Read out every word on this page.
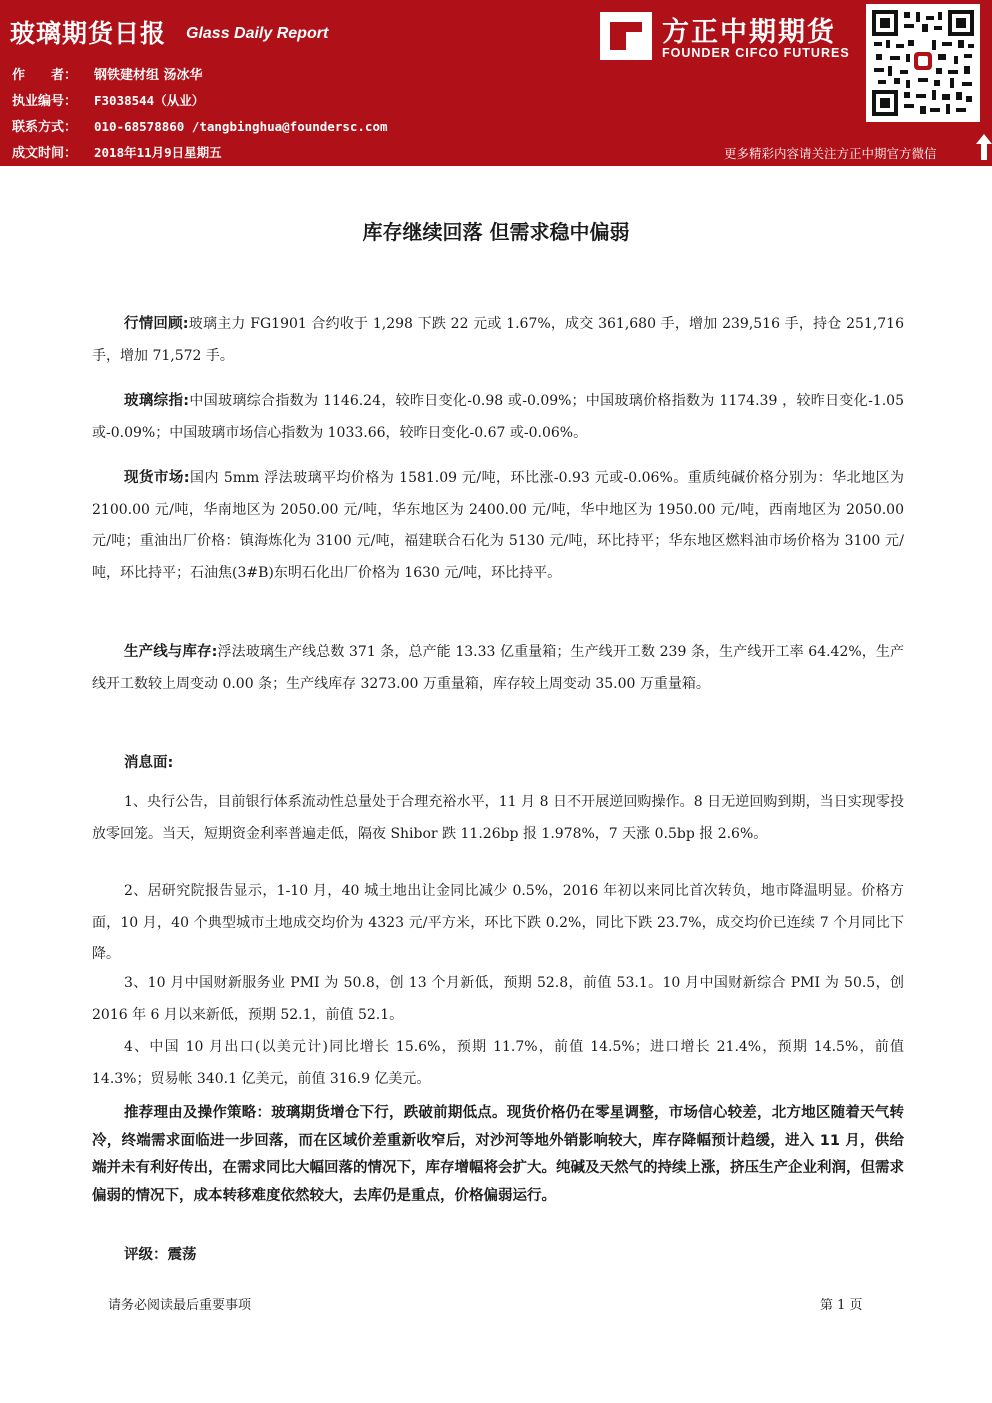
玻璃期货日报 Glass Daily Report
作　　者： 钢铁建材组 汤冰华
执业编号： F3038544（从业）
联系方式： 010-68578860 /tangbinghua@foundersc.com
成文时间： 2018年11月9日星期五
方正中期期货
FOUNDER CIFCO FUTURES
更多精彩内容请关注方正中期官方微信
库存继续回落 但需求稳中偏弱

行情回顾:玻璃主力 FG1901 合约收于 1,298 下跌 22 元或 1.67%，成交 361,680 手，增加 239,516 手，持仓 251,716 手，增加 71,572 手。

玻璃综指:中国玻璃综合指数为 1146.24，较昨日变化-0.98 或-0.09%；中国玻璃价格指数为 1174.39 ，较昨日变化-1.05 或-0.09%；中国玻璃市场信心指数为 1033.66，较昨日变化-0.67 或-0.06%。

现货市场:国内 5mm 浮法玻璃平均价格为 1581.09 元/吨，环比涨-0.93 元或-0.06%。重质纯碱价格分别为：华北地区为 2100.00 元/吨，华南地区为 2050.00 元/吨，华东地区为 2400.00 元/吨，华中地区为 1950.00 元/吨，西南地区为 2050.00 元/吨；重油出厂价格：镇海炼化为 3100 元/吨，福建联合石化为 5130 元/吨，环比持平；华东地区燃料油市场价格为 3100 元/吨，环比持平；石油焦(3#B)东明石化出厂价格为 1630 元/吨，环比持平。

生产线与库存:浮法玻璃生产线总数 371 条，总产能 13.33 亿重量箱；生产线开工数 239 条，生产线开工率 64.42%，生产线开工数较上周变动 0.00 条；生产线库存 3273.00 万重量箱，库存较上周变动 35.00 万重量箱。

消息面:

1、央行公告，目前银行体系流动性总量处于合理充裕水平，11 月 8 日不开展逆回购操作。8 日无逆回购到期，当日实现零投放零回笼。当天，短期资金利率普遍走低，隔夜 Shibor 跌 11.26bp 报 1.978%，7 天涨 0.5bp 报 2.6%。

2、居研究院报告显示，1-10 月，40 城土地出让金同比减少 0.5%，2016 年初以来同比首次转负，地市降温明显。价格方面，10 月，40 个典型城市土地成交均价为 4323 元/平方米，环比下跌 0.2%，同比下跌 23.7%，成交均价已连续 7 个月同比下降。

3、10 月中国财新服务业 PMI 为 50.8，创 13 个月新低，预期 52.8，前值 53.1。10 月中国财新综合 PMI 为 50.5，创 2016 年 6 月以来新低，预期 52.1，前值 52.1。

4、中国 10 月出口(以美元计)同比增长 15.6%，预期 11.7%，前值 14.5%；进口增长 21.4%，预期 14.5%，前值 14.3%；贸易帐 340.1 亿美元，前值 316.9 亿美元。

推荐理由及操作策略：玻璃期货增仓下行，跌破前期低点。现货价格仍在零星调整，市场信心较差，北方地区随着天气转冷，终端需求面临进一步回落，而在区域价差重新收窄后，对沙河等地外销影响较大，库存降幅预计趋缓，进入 11 月，供给端并未有利好传出，在需求同比大幅回落的情况下，库存增幅将会扩大。纯碱及天然气的持续上涨，挤压生产企业利润，但需求偏弱的情况下，成本转移难度依然较大，去库仍是重点，价格偏弱运行。

评级：震荡

请务必阅读最后重要事项	第 1 页
